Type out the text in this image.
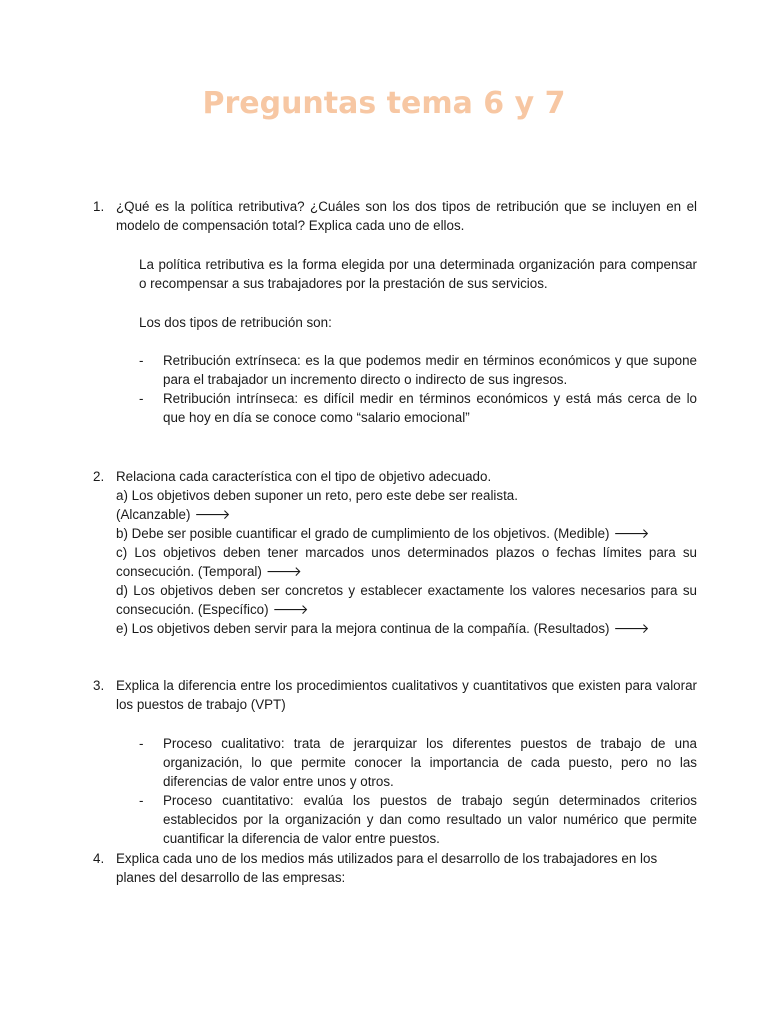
Preguntas tema 6 y 7
1. ¿Qué es la política retributiva? ¿Cuáles son los dos tipos de retribución que se incluyen en el modelo de compensación total? Explica cada uno de ellos.
La política retributiva es la forma elegida por una determinada organización para compensar o recompensar a sus trabajadores por la prestación de sus servicios.
Los dos tipos de retribución son:
- Retribución extrínseca: es la que podemos medir en términos económicos y que supone para el trabajador un incremento directo o indirecto de sus ingresos.
- Retribución intrínseca: es difícil medir en términos económicos y está más cerca de lo que hoy en día se conoce como “salario emocional”
2. Relaciona cada característica con el tipo de objetivo adecuado.
a) Los objetivos deben suponer un reto, pero este debe ser realista.
(Alcanzable) 🡒
b) Debe ser posible cuantificar el grado de cumplimiento de los objetivos. (Medible) 🡒
c) Los objetivos deben tener marcados unos determinados plazos o fechas límites para su consecución. (Temporal) 🡒
d) Los objetivos deben ser concretos y establecer exactamente los valores necesarios para su consecución. (Específico) 🡒
e) Los objetivos deben servir para la mejora continua de la compañía. (Resultados) 🡒
3. Explica la diferencia entre los procedimientos cualitativos y cuantitativos que existen para valorar los puestos de trabajo (VPT)
- Proceso cualitativo: trata de jerarquizar los diferentes puestos de trabajo de una organización, lo que permite conocer la importancia de cada puesto, pero no las diferencias de valor entre unos y otros.
- Proceso cuantitativo: evalúa los puestos de trabajo según determinados criterios establecidos por la organización y dan como resultado un valor numérico que permite cuantificar la diferencia de valor entre puestos.
4. Explica cada uno de los medios más utilizados para el desarrollo de los trabajadores en los planes del desarrollo de las empresas:
